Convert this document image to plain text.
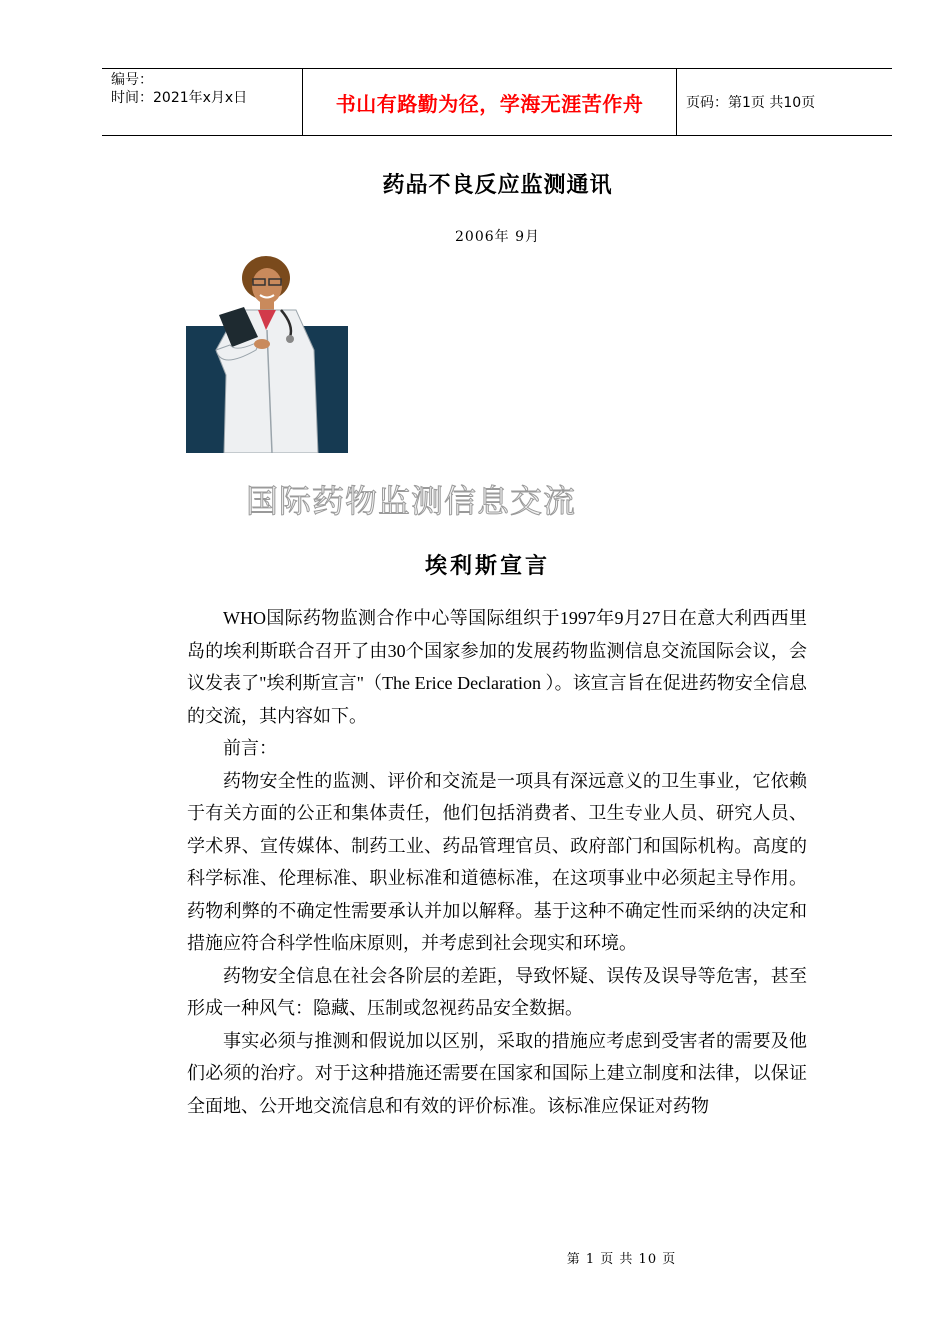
编号：
时间：2021年x月x日	书山有路勤为径，学海无涯苦作舟	页码：第1页 共10页
药品不良反应监测通讯
2006年 9月
国际药物监测信息交流
埃利斯宣言

WHO国际药物监测合作中心等国际组织于1997年9月27日在意大利西西里岛的埃利斯联合召开了由30个国家参加的发展药物监测信息交流国际会议，会议发表了"埃利斯宣言"（The Erice Declaration ）。该宣言旨在促进药物安全信息的交流，其内容如下。

前言：

药物安全性的监测、评价和交流是一项具有深远意义的卫生事业，它依赖于有关方面的公正和集体责任，他们包括消费者、卫生专业人员、研究人员、学术界、宣传媒体、制药工业、药品管理官员、政府部门和国际机构。高度的科学标准、伦理标准、职业标准和道德标准，在这项事业中必须起主导作用。药物利弊的不确定性需要承认并加以解释。基于这种不确定性而采纳的决定和措施应符合科学性临床原则，并考虑到社会现实和环境。

药物安全信息在社会各阶层的差距，导致怀疑、误传及误导等危害，甚至形成一种风气：隐藏、压制或忽视药品安全数据。

事实必须与推测和假说加以区别，采取的措施应考虑到受害者的需要及他们必须的治疗。对于这种措施还需要在国家和国际上建立制度和法律，以保证全面地、公开地交流信息和有效的评价标准。该标准应保证对药物

第 1 页 共 10 页
